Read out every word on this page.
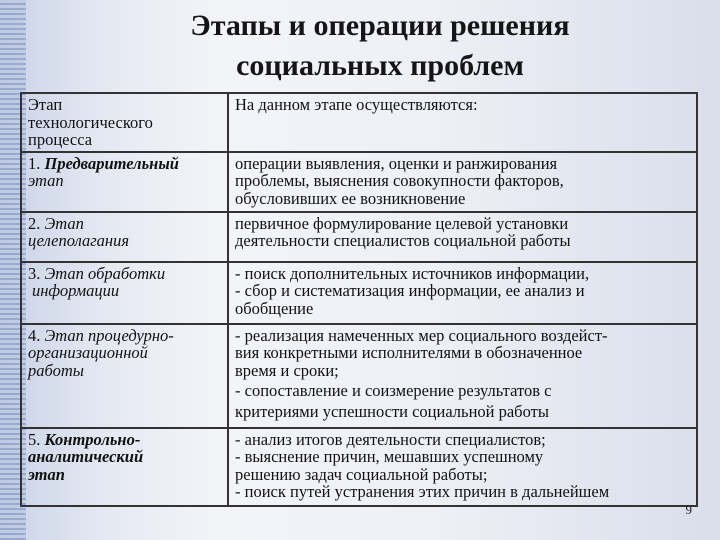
Этапы и операции решения
социальных проблем
Этап
технологического
процесса	На данном этапе осуществляются:

1. Предварительный
этап	операции выявления, оценки и ранжирования
проблемы, выяснения совокупности факторов,
обусловивших ее возникновение

2. Этап
целеполагания	первичное формулирование целевой установки
деятельности специалистов социальной работы

3. Этап обработки
информации	- поиск дополнительных источников информации,
- сбор и систематизация информации, ее анализ и
обобщение

4. Этап процедурно-
организационной
работы	- реализация намеченных мер социального воздейст-
вия конкретными исполнителями в обозначенное
время и сроки;
- сопоставление и соизмерение результатов с
критериями успешности социальной работы

5. Контрольно-
аналитический
этап	- анализ итогов деятельности специалистов;
- выяснение причин, мешавших успешному
решению задач социальной работы;
- поиск путей устранения этих причин в дальнейшем
9
